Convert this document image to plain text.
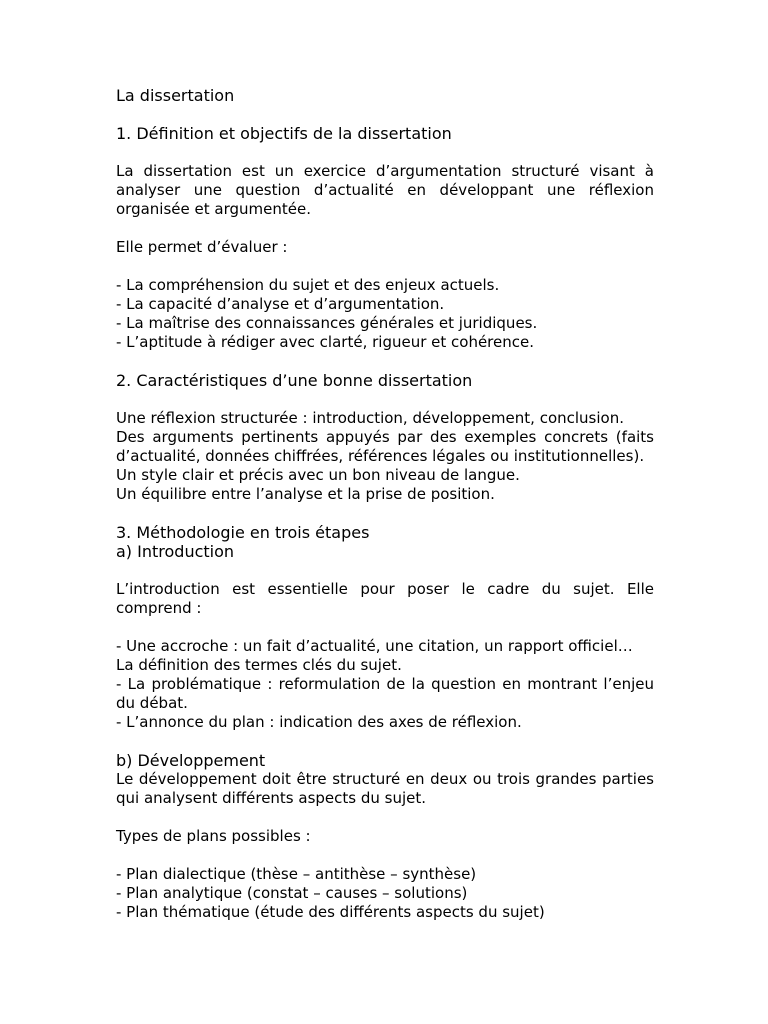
La dissertation

1. Définition et objectifs de la dissertation

La dissertation est un exercice d’argumentation structuré visant à analyser une question d’actualité en développant une réflexion organisée et argumentée.

Elle permet d’évaluer :

- La compréhension du sujet et des enjeux actuels.

- La capacité d’analyse et d’argumentation.

- La maîtrise des connaissances générales et juridiques.

- L’aptitude à rédiger avec clarté, rigueur et cohérence.

2. Caractéristiques d’une bonne dissertation

Une réflexion structurée : introduction, développement, conclusion.

Des arguments pertinents appuyés par des exemples concrets (faits d’actualité, données chiffrées, références légales ou institutionnelles).

Un style clair et précis avec un bon niveau de langue.

Un équilibre entre l’analyse et la prise de position.

3. Méthodologie en trois étapes

a) Introduction

L’introduction est essentielle pour poser le cadre du sujet. Elle comprend :

- Une accroche : un fait d’actualité, une citation, un rapport officiel…

La définition des termes clés du sujet.

- La problématique : reformulation de la question en montrant l’enjeu du débat.

- L’annonce du plan : indication des axes de réflexion.

b) Développement

Le développement doit être structuré en deux ou trois grandes parties qui analysent différents aspects du sujet.

Types de plans possibles :

- Plan dialectique (thèse – antithèse – synthèse)

- Plan analytique (constat – causes – solutions)

- Plan thématique (étude des différents aspects du sujet)
